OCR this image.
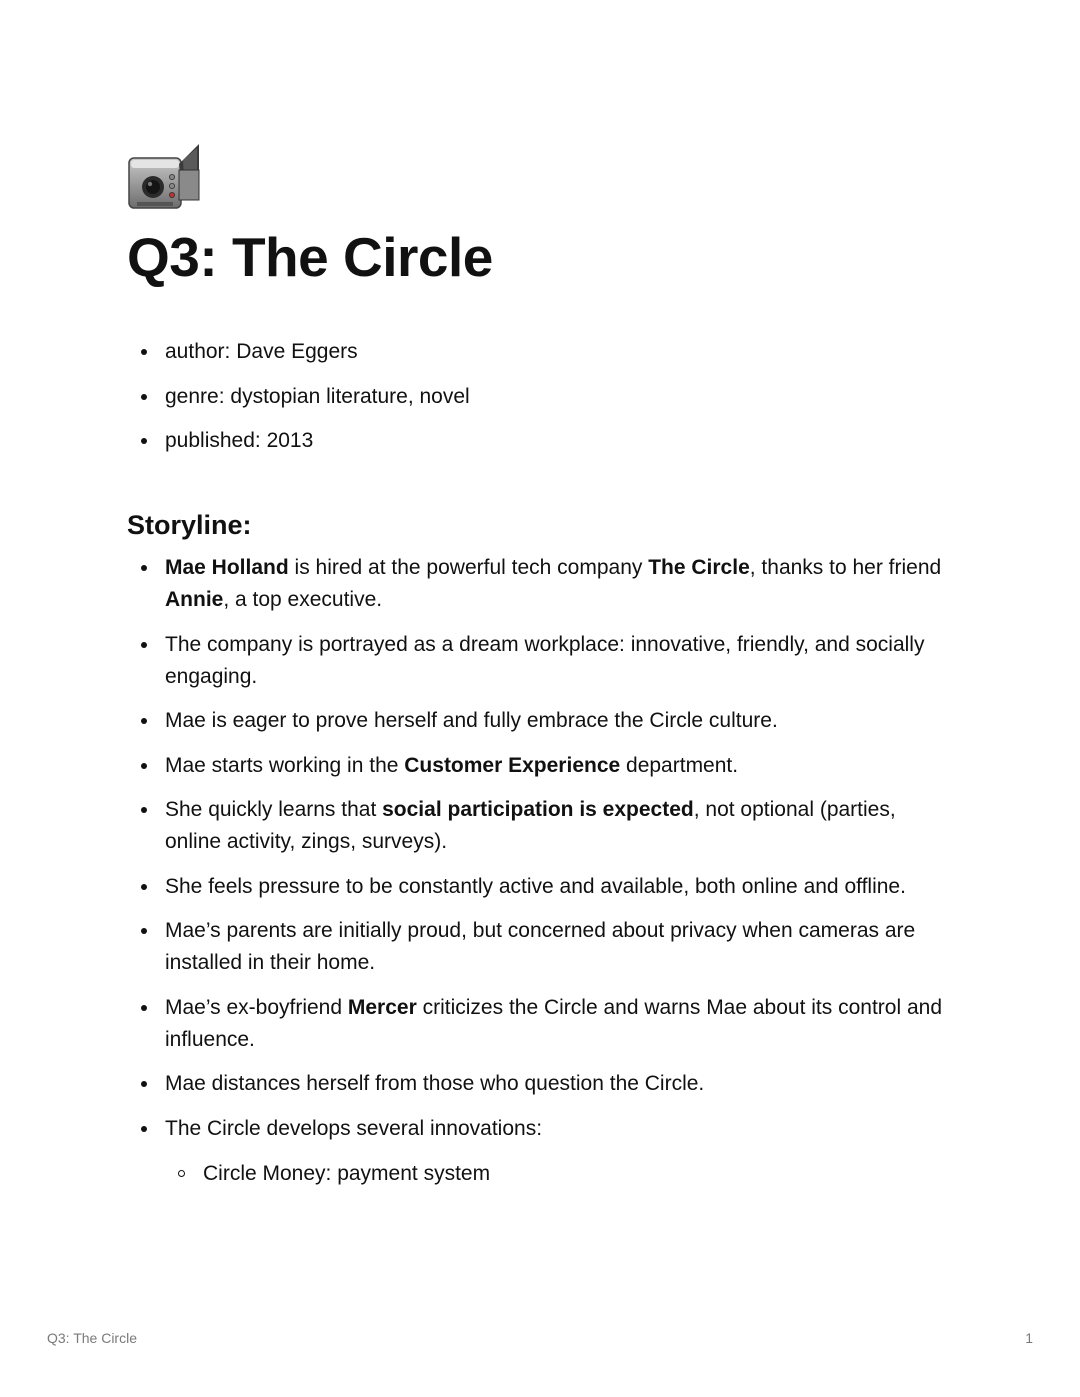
Q3: The Circle
author: Dave Eggers
genre: dystopian literature, novel
published: 2013
Storyline:
Mae Holland is hired at the powerful tech company The Circle, thanks to her friend Annie, a top executive.
The company is portrayed as a dream workplace: innovative, friendly, and socially engaging.
Mae is eager to prove herself and fully embrace the Circle culture.
Mae starts working in the Customer Experience department.
She quickly learns that social participation is expected, not optional (parties, online activity, zings, surveys).
She feels pressure to be constantly active and available, both online and offline.
Mae’s parents are initially proud, but concerned about privacy when cameras are installed in their home.
Mae’s ex-boyfriend Mercer criticizes the Circle and warns Mae about its control and influence.
Mae distances herself from those who question the Circle.
The Circle develops several innovations:
Circle Money: payment system
Q3: The Circle	1
